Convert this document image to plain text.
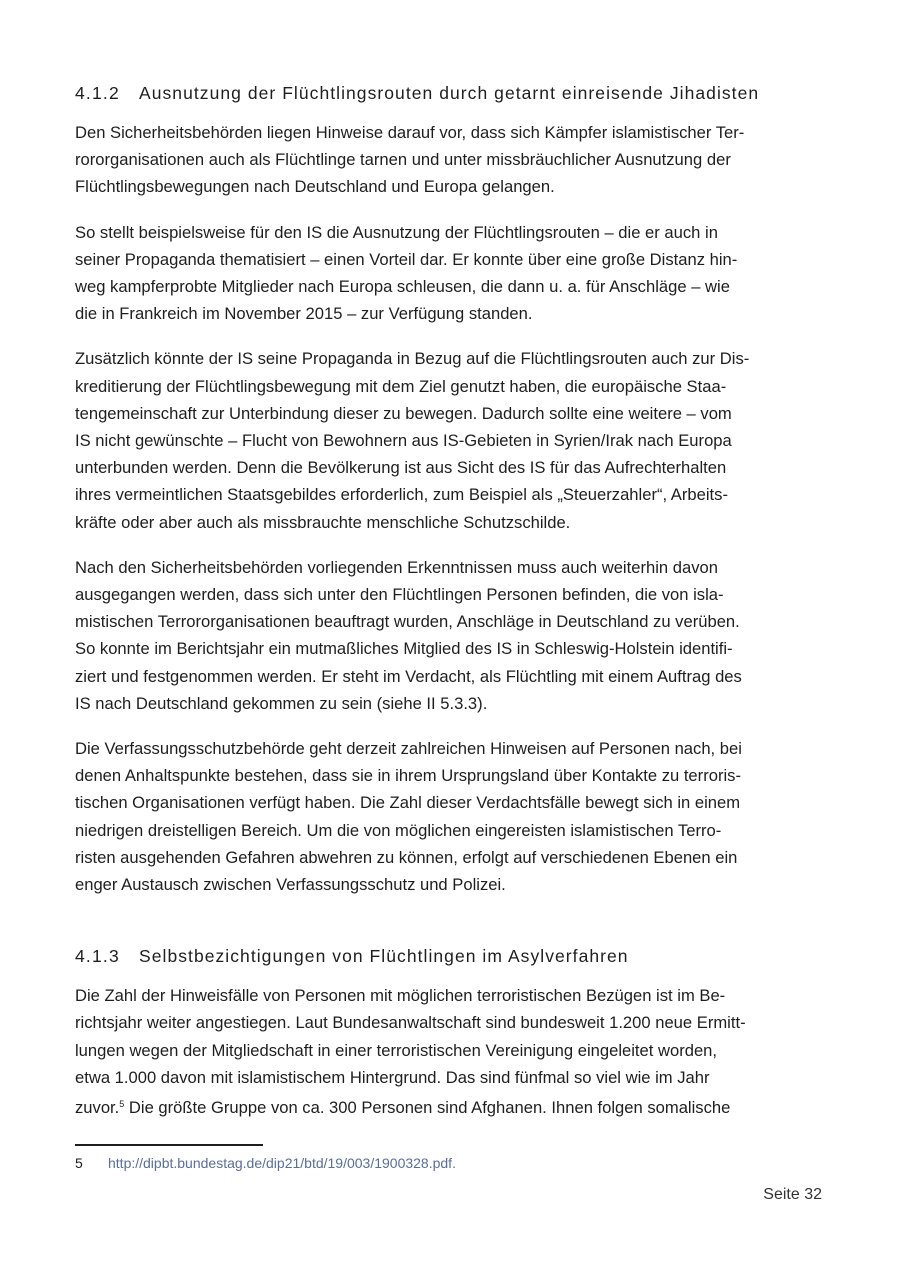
4.1.2 Ausnutzung der Flüchtlingsrouten durch getarnt einreisende Jihadisten

Den Sicherheitsbehörden liegen Hinweise darauf vor, dass sich Kämpfer islamistischer Ter-
rororganisationen auch als Flüchtlinge tarnen und unter missbräuchlicher Ausnutzung der
Flüchtlingsbewegungen nach Deutschland und Europa gelangen.

So stellt beispielsweise für den IS die Ausnutzung der Flüchtlingsrouten – die er auch in
seiner Propaganda thematisiert – einen Vorteil dar. Er konnte über eine große Distanz hin-
weg kampferprobte Mitglieder nach Europa schleusen, die dann u. a. für Anschläge – wie
die in Frankreich im November 2015 – zur Verfügung standen.

Zusätzlich könnte der IS seine Propaganda in Bezug auf die Flüchtlingsrouten auch zur Dis-
kreditierung der Flüchtlingsbewegung mit dem Ziel genutzt haben, die europäische Staa-
tengemeinschaft zur Unterbindung dieser zu bewegen. Dadurch sollte eine weitere – vom
IS nicht gewünschte – Flucht von Bewohnern aus IS-Gebieten in Syrien/Irak nach Europa
unterbunden werden. Denn die Bevölkerung ist aus Sicht des IS für das Aufrechterhalten
ihres vermeintlichen Staatsgebildes erforderlich, zum Beispiel als „Steuerzahler“, Arbeits-
kräfte oder aber auch als missbrauchte menschliche Schutzschilde.

Nach den Sicherheitsbehörden vorliegenden Erkenntnissen muss auch weiterhin davon
ausgegangen werden, dass sich unter den Flüchtlingen Personen befinden, die von isla-
mistischen Terrororganisationen beauftragt wurden, Anschläge in Deutschland zu verüben.
So konnte im Berichtsjahr ein mutmaßliches Mitglied des IS in Schleswig-Holstein identifi-
ziert und festgenommen werden. Er steht im Verdacht, als Flüchtling mit einem Auftrag des
IS nach Deutschland gekommen zu sein (siehe II 5.3.3).

Die Verfassungsschutzbehörde geht derzeit zahlreichen Hinweisen auf Personen nach, bei
denen Anhaltspunkte bestehen, dass sie in ihrem Ursprungsland über Kontakte zu terroris-
tischen Organisationen verfügt haben. Die Zahl dieser Verdachtsfälle bewegt sich in einem
niedrigen dreistelligen Bereich. Um die von möglichen eingereisten islamistischen Terro-
risten ausgehenden Gefahren abwehren zu können, erfolgt auf verschiedenen Ebenen ein
enger Austausch zwischen Verfassungsschutz und Polizei.

4.1.3 Selbstbezichtigungen von Flüchtlingen im Asylverfahren

Die Zahl der Hinweisfälle von Personen mit möglichen terroristischen Bezügen ist im Be-
richtsjahr weiter angestiegen. Laut Bundesanwaltschaft sind bundesweit 1.200 neue Ermitt-
lungen wegen der Mitgliedschaft in einer terroristischen Vereinigung eingeleitet worden,
etwa 1.000 davon mit islamistischem Hintergrund. Das sind fünfmal so viel wie im Jahr
zuvor.$^5$ Die größte Gruppe von ca. 300 Personen sind Afghanen. Ihnen folgen somalische

5 http://dipbt.bundestag.de/dip21/btd/19/003/1900328.pdf.
Seite 32
